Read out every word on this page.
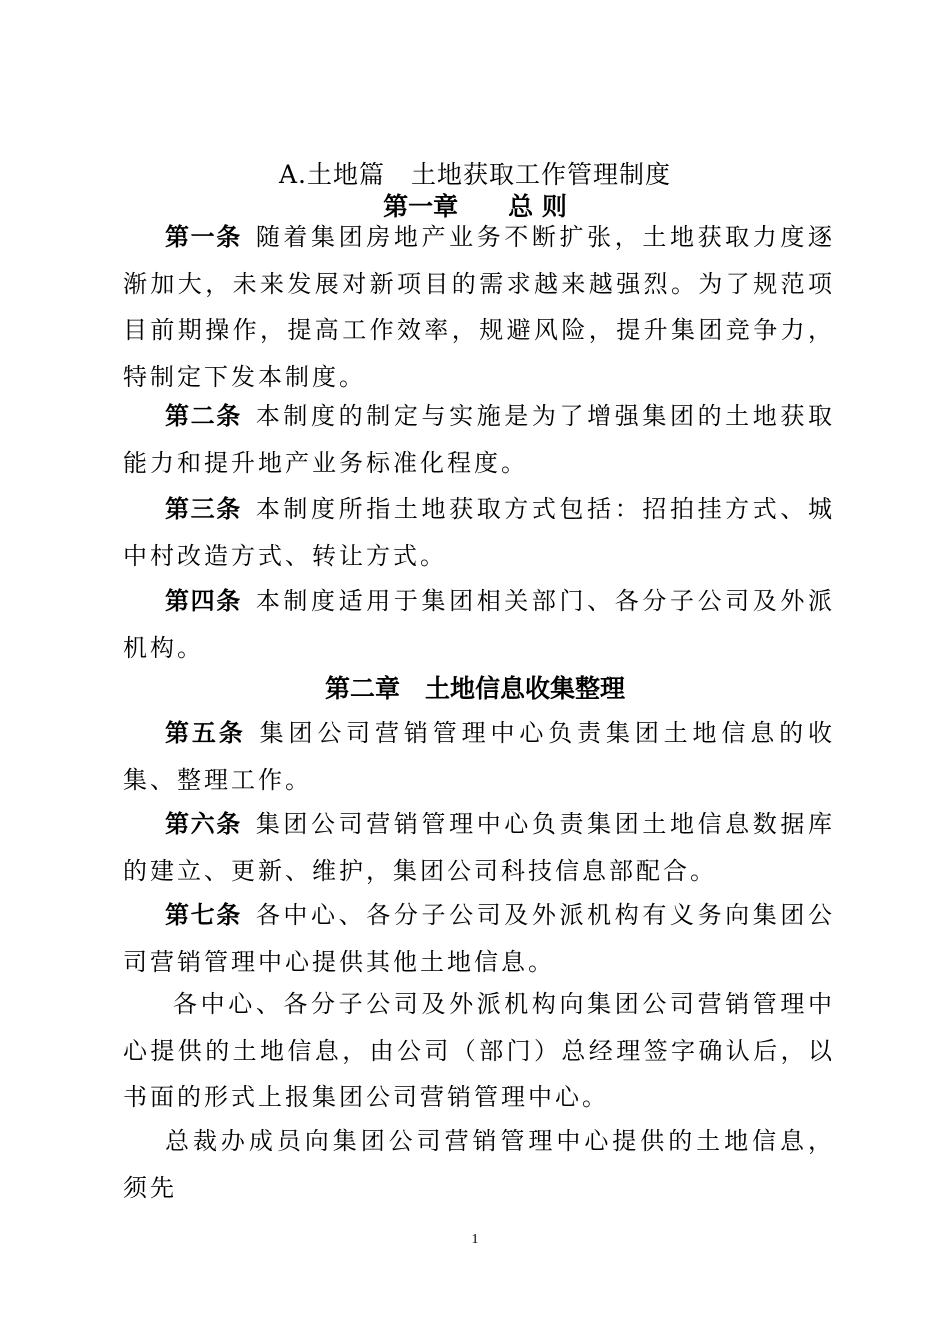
A.土地篇　土地获取工作管理制度
第一章　　总 则
第一条 随着集团房地产业务不断扩张，土地获取力度逐渐加大，未来发展对新项目的需求越来越强烈。为了规范项目前期操作，提高工作效率，规避风险，提升集团竞争力，特制定下发本制度。
第二条 本制度的制定与实施是为了增强集团的土地获取能力和提升地产业务标准化程度。
第三条 本制度所指土地获取方式包括：招拍挂方式、城中村改造方式、转让方式。
第四条 本制度适用于集团相关部门、各分子公司及外派机构。
第二章　土地信息收集整理
第五条 集团公司营销管理中心负责集团土地信息的收集、整理工作。
第六条 集团公司营销管理中心负责集团土地信息数据库的建立、更新、维护，集团公司科技信息部配合。
第七条 各中心、各分子公司及外派机构有义务向集团公司营销管理中心提供其他土地信息。
各中心、各分子公司及外派机构向集团公司营销管理中心提供的土地信息，由公司（部门）总经理签字确认后，以书面的形式上报集团公司营销管理中心。
总裁办成员向集团公司营销管理中心提供的土地信息，须先
1
